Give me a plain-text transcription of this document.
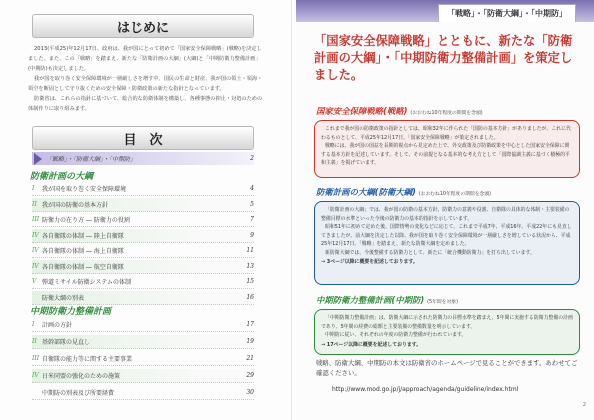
はじめに

2013(平成25)年12月17日、政府は、我が国にとって初めて「国家安全保障戦略」(戦略)を決定しました。また、この「戦略」を踏まえ、新たな「防衛計画の大綱」(大綱)と「中期防衛力整備計画」(中期防)も決定しました。

我が国を取り巻く安全保障環境が一層厳しさを増す中、国民の生命と財産、我が国の領土・領海・領空を断固として守り抜くための安全保障・防衛政策の新たな指針となっています。

防衛省は、これらの指針に基づいて、総合的な防衛体制を構築し、各種事態の抑止・対処のための体制作りに取り組みます。

目　次
「戦略」・「防衛大綱」・「中期防」	2
防衛計画の大綱
I	我が国を取り巻く安全保障環境	4
II 我が国の防衛の基本方針	5
III 防衛力の在り方 ― 防衛力の役割	7
IV 各自衛隊の体制 ― 陸上自衛隊	9
IV 各自衛隊の体制 ― 海上自衛隊	11
IV 各自衛隊の体制 ― 航空自衛隊	13
V 弾道ミサイル防衛システムの体制	15
防衛大綱の別表	16
中期防衛力整備計画
I	計画の方針	17
II 基幹部隊の見直し	19
III 自衛隊の能力等に関する主要事業	21
IV 日米同盟の強化のための施策	29
中期防の別表及び所要経費	30
「戦略」・「防衛大綱」・「中期防」
「国家安全保障戦略」とともに、新たな「防衛計画の大綱」・「中期防衛力整備計画」を策定しました。
国家安全保障戦略(戦略) (おおむね10年程度の期間を念頭)

これまで我が国の防衛政策の指針としては、昭和32年に作られた「国防の基本方針」がありましたが、これに代わるものとして、平成25年12月17日、「国家安全保障戦略」が策定されました。

戦略には、我が国の国益を長期的視点から見定めた上で、外交政策及び防衛政策を中心とした国家安全保障に関する基本方針を記述しています。そして、その前提となる基本的な考え方として「国際協調主義に基づく積極的平和主義」を掲げています。

防衛計画の大綱(防衛大綱) (おおむね10年程度の期間を念頭)

「防衛計画の大綱」では、我が国の防衛の基本方針、防衛力の意義や役割、自衛隊の具体的な体制・主要装備の整備目標の水準といった今後の防衛力の基本的指針を示しています。

昭和51年に初めて定めた後、国際情勢の変化などに応じて、これまで平成7年、平成16年、平成22年にも見直してきましたが、前大綱を決定した以降、我が国を取り巻く安全保障環境が一層厳しさを増している状況から、平成25年12月17日、「戦略」を踏まえ、新たな防衛大綱を定めました。

新防衛大綱では、今後整備する防衛力として、新たに「統合機動防衛力」を打ち出しています。

→ 3ページ以降に概要を記述しております。

中期防衛力整備計画(中期防) (5年間を対象)

「中期防衛力整備計画」は、防衛大綱に示された防衛力の目標水準を踏まえ、5年間に実施する防衛力整備の計画であり、5年間の経費の総額と主要装備の整備数量を明示しています。

中期防に従い、それぞれの年度の防衛力整備が行われています。

→ 17ページ以降に概要を記述しております。

戦略、防衛大綱、中期防の本文は防衛省のホームページで見ることができます。あわせてご確認ください。
http://www.mod.go.jp/j/approach/agenda/guideline/index.html
2
